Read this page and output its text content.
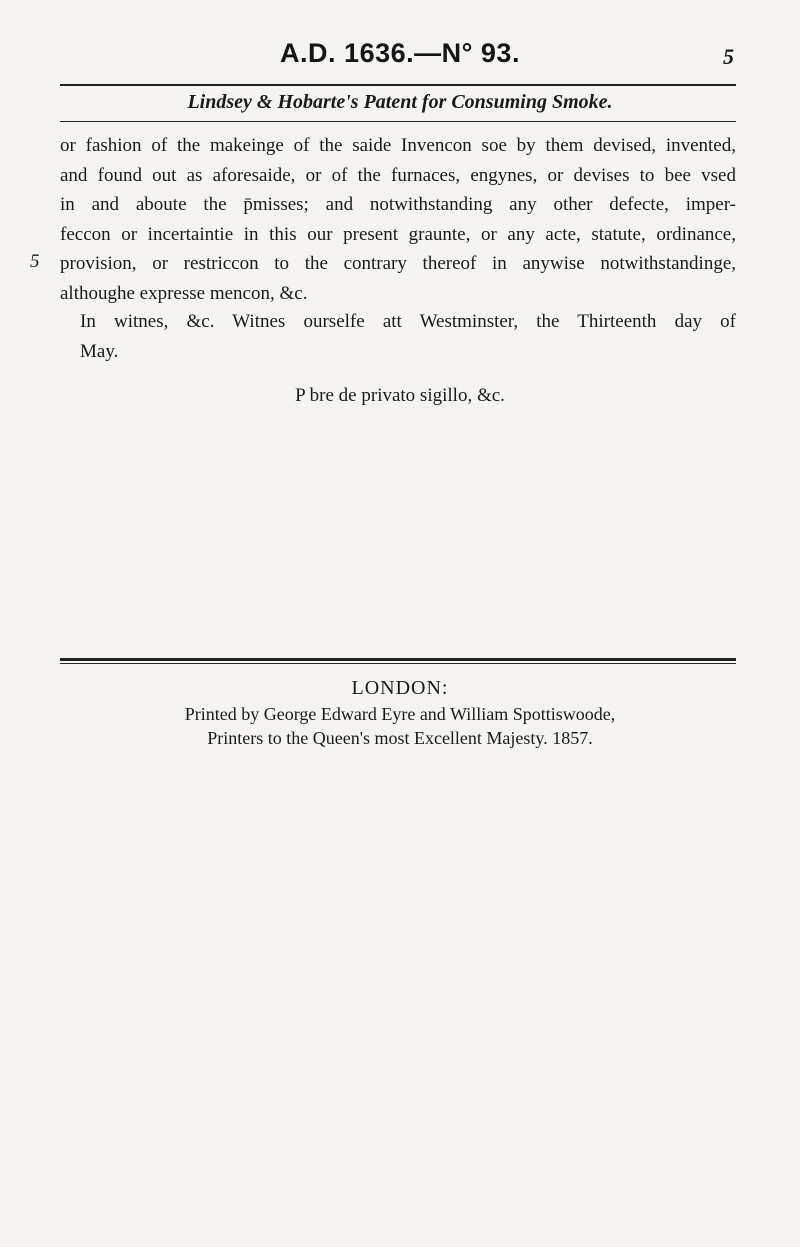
A.D. 1636.—N° 93.	5
Lindsey & Hobarte's Patent for Consuming Smoke.
or fashion of the makeinge of the saide Invencon soe by them devised, invented,
and found out as aforesaide, or of the furnaces, engynes, or devises to bee vsed
in and aboute the p̄misses; and notwithstanding any other defecte, imper-
feccon or incertaintie in this our present graunte, or any acte, statute, ordinance,
provision, or restriccon to the contrary thereof in anywise notwithstandinge,
althoughe expresse mencon, &c.
5
In witnes, &c. Witnes ourselfe att Westminster, the Thirteenth day of
May.
P bre de privato sigillo, &c.
LONDON:
Printed by George Edward Eyre and William Spottiswoode,
Printers to the Queen's most Excellent Majesty. 1857.
